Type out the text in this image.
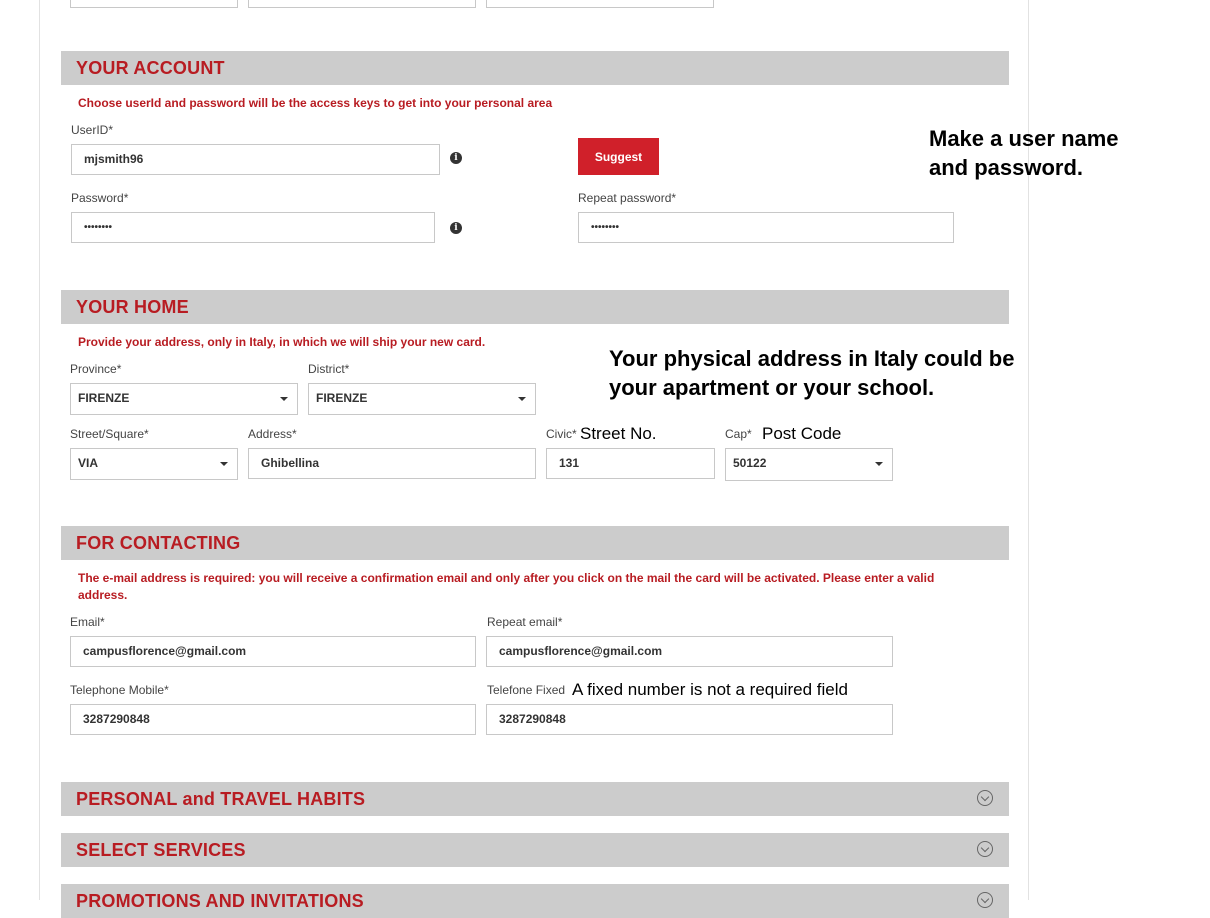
YOUR ACCOUNT
Choose userId and password will be the access keys to get into your personal area
UserID*
mjsmith96	i	Suggest
Password*
••••••••	i
Repeat password*
••••••••
Make a user name
and password.
YOUR HOME
Provide your address, only in Italy, in which we will ship your new card.
Your physical address in Italy could be
your apartment or your school.
Province*
FIRENZE
District*
FIRENZE
Street/Square*
VIA
Address*
Ghibellina
Civic* Street No.
131
Cap* Post Code
50122
FOR CONTACTING
The e-mail address is required: you will receive a confirmation email and only after you click on the mail the card will be activated. Please enter a valid address.
Email*
campusflorence@gmail.com
Repeat email*
campusflorence@gmail.com
Telephone Mobile*
3287290848
Telefone Fixed A fixed number is not a required field
3287290848
PERSONAL and TRAVEL HABITS
SELECT SERVICES
PROMOTIONS AND INVITATIONS
